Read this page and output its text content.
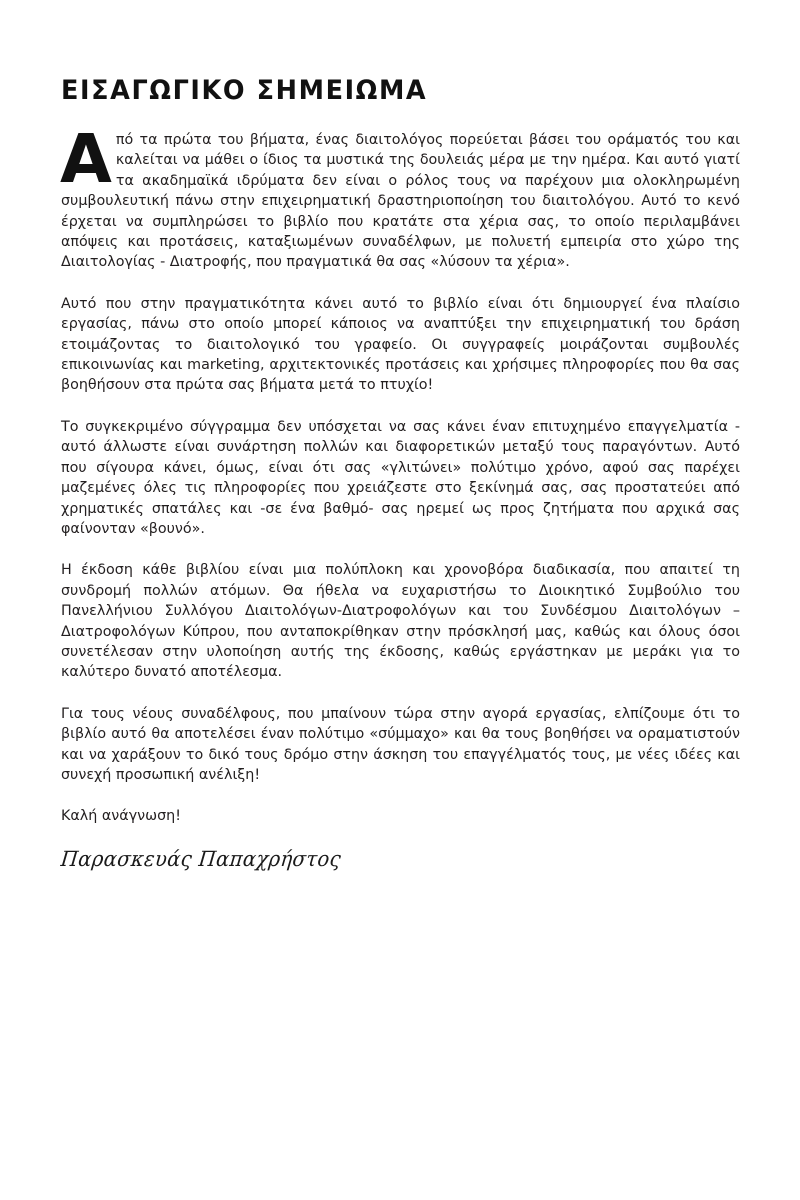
ΕΙΣΑΓΩΓΙΚΟ ΣΗΜΕΙΩΜΑ

Α πό τα πρώτα του βήματα, ένας διαιτολόγος πορεύεται βάσει του οράματός του και καλείται να μάθει ο ίδιος τα μυστικά της δουλειάς μέρα με την ημέρα. Και αυτό γιατί τα ακαδημαϊκά ιδρύματα δεν είναι ο ρόλος τους να παρέχουν μια ολοκληρωμένη συμβουλευτική πάνω στην επιχειρηματική δραστηριοποίηση του διαιτολόγου. Αυτό το κενό έρχεται να συμπληρώσει το βιβλίο που κρατάτε στα χέρια σας, το οποίο περιλαμβάνει απόψεις και προτάσεις, καταξιωμένων συναδέλφων, με πολυετή εμπειρία στο χώρο της Διαιτολογίας - Διατροφής, που πραγματικά θα σας «λύσουν τα χέρια».

Αυτό που στην πραγματικότητα κάνει αυτό το βιβλίο είναι ότι δημιουργεί ένα πλαίσιο εργασίας, πάνω στο οποίο μπορεί κάποιος να αναπτύξει την επιχειρηματική του δράση ετοιμάζοντας το διαιτολογικό του γραφείο. Οι συγγραφείς μοιράζονται συμβουλές επικοινωνίας και marketing, αρχιτεκτονικές προτάσεις και χρήσιμες πληροφορίες που θα σας βοηθήσουν στα πρώτα σας βήματα μετά το πτυχίο!

Το συγκεκριμένο σύγγραμμα δεν υπόσχεται να σας κάνει έναν επιτυχημένο επαγγελματία - αυτό άλλωστε είναι συνάρτηση πολλών και διαφορετικών μεταξύ τους παραγόντων. Αυτό που σίγουρα κάνει, όμως, είναι ότι σας «γλιτώνει» πολύτιμο χρόνο, αφού σας παρέχει μαζεμένες όλες τις πληροφορίες που χρειάζεστε στο ξεκίνημά σας, σας προστατεύει από χρηματικές σπατάλες και -σε ένα βαθμό- σας ηρεμεί ως προς ζητήματα που αρχικά σας φαίνονταν «βουνό».

Η έκδοση κάθε βιβλίου είναι μια πολύπλοκη και χρονοβόρα διαδικασία, που απαιτεί τη συνδρομή πολλών ατόμων. Θα ήθελα να ευχαριστήσω το Διοικητικό Συμβούλιο του Πανελλήνιου Συλλόγου Διαιτολόγων-Διατροφολόγων και του Συνδέσμου Διαιτολόγων – Διατροφολόγων Κύπρου, που ανταποκρίθηκαν στην πρόσκλησή μας, καθώς και όλους όσοι συνετέλεσαν στην υλοποίηση αυτής της έκδοσης, καθώς εργάστηκαν με μεράκι για το καλύτερο δυνατό αποτέλεσμα.

Για τους νέους συναδέλφους, που μπαίνουν τώρα στην αγορά εργασίας, ελπίζουμε ότι το βιβλίο αυτό θα αποτελέσει έναν πολύτιμο «σύμμαχο» και θα τους βοηθήσει να οραματιστούν και να χαράξουν το δικό τους δρόμο στην άσκηση του επαγγέλματός τους, με νέες ιδέες και συνεχή προσωπική ανέλιξη!

Καλή ανάγνωση!

Παρασκευάς Παπαχρήστος
